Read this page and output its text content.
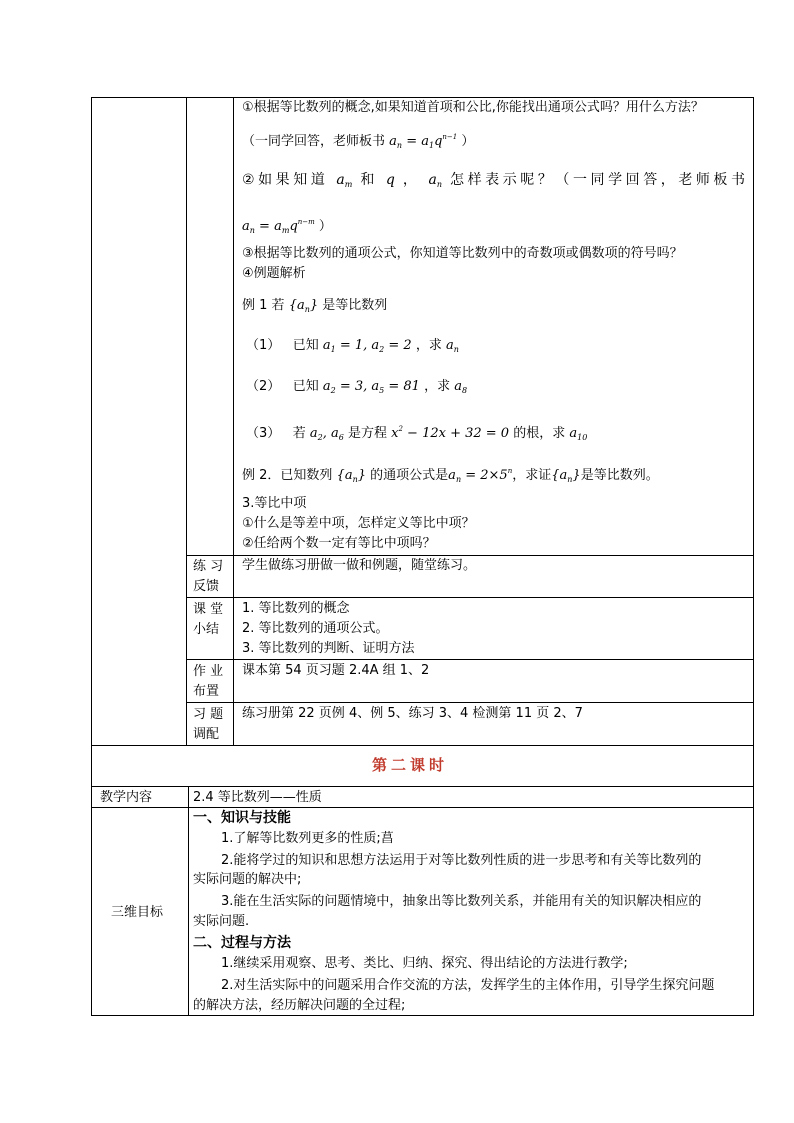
①根据等比数列的概念,如果知道首项和公比,你能找出通项公式吗？用什么方法？
（一同学回答，老师板书 $a_n = a_1q^{n-1}$ ）
②如果知道 $a_m$ 和 q ， $a_n$ 怎样表示呢？（一同学回答，老师板书
$a_n = a_mq^{n-m}$ ）
③根据等比数列的通项公式，你知道等比数列中的奇数项或偶数项的符号吗？
④例题解析
例 1 若 $\{a_n\}$ 是等比数列
（1） 已知 $a_1 = 1$, $a_2 = 2$ ，求 $a_n$
（2） 已知 $a_2 = 3$, $a_5 = 81$ ，求 $a_8$
（3） 若 $a_2$, $a_6$ 是方程 $x^2 - 12x + 32 = 0$ 的根，求 $a_{10}$
例 2．已知数列 $\{a_n\}$ 的通项公式是$a_n = 2\times 5^n$，求证$\{a_n\}$是等比数列。
3.等比中项
①什么是等差中项，怎样定义等比中项？
②任给两个数一定有等比中项吗？
练 习 反馈
学生做练习册做一做和例题，随堂练习。
课 堂 小结
1. 等比数列的概念
2. 等比数列的通项公式。
3. 等比数列的判断、证明方法
作 业 布置
课本第 54 页习题 2.4A 组 1、2
习 题 调配
练习册第 22 页例 4、例 5、练习 3、4 检测第 11 页 2、7
第二课时
教学内容	2.4 等比数列——性质
三维目标
一、知识与技能
1.了解等比数列更多的性质;菖
2.能将学过的知识和思想方法运用于对等比数列性质的进一步思考和有关等比数列的
实际问题的解决中;
3.能在生活实际的问题情境中，抽象出等比数列关系，并能用有关的知识解决相应的
实际问题.
二、过程与方法
1.继续采用观察、思考、类比、归纳、探究、得出结论的方法进行教学;
2.对生活实际中的问题采用合作交流的方法，发挥学生的主体作用，引导学生探究问题
的解决方法，经历解决问题的全过程;
